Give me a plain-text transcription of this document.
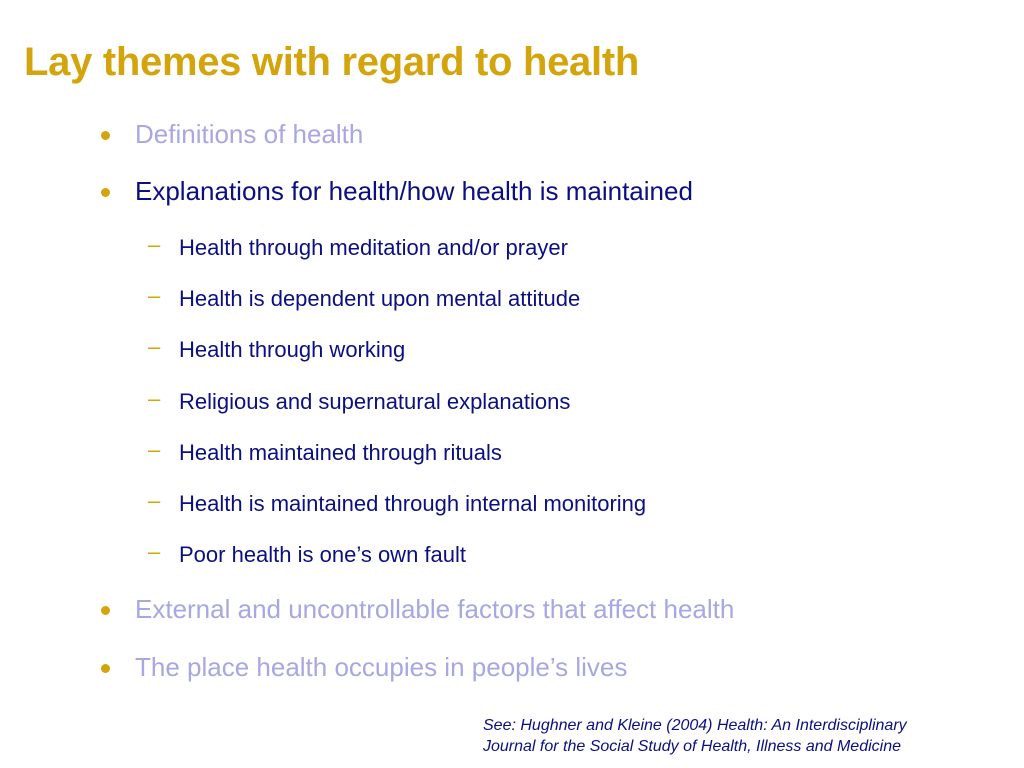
Lay themes with regard to health
Definitions of health
Explanations for health/how health is maintained
– Health through meditation and/or prayer
– Health is dependent upon mental attitude
– Health through working
– Religious and supernatural explanations
– Health maintained through rituals
– Health is maintained through internal monitoring
– Poor health is one’s own fault
External and uncontrollable factors that affect health
The place health occupies in people’s lives
See: Hughner and Kleine (2004) Health: An Interdisciplinary
Journal for the Social Study of Health, Illness and Medicine
